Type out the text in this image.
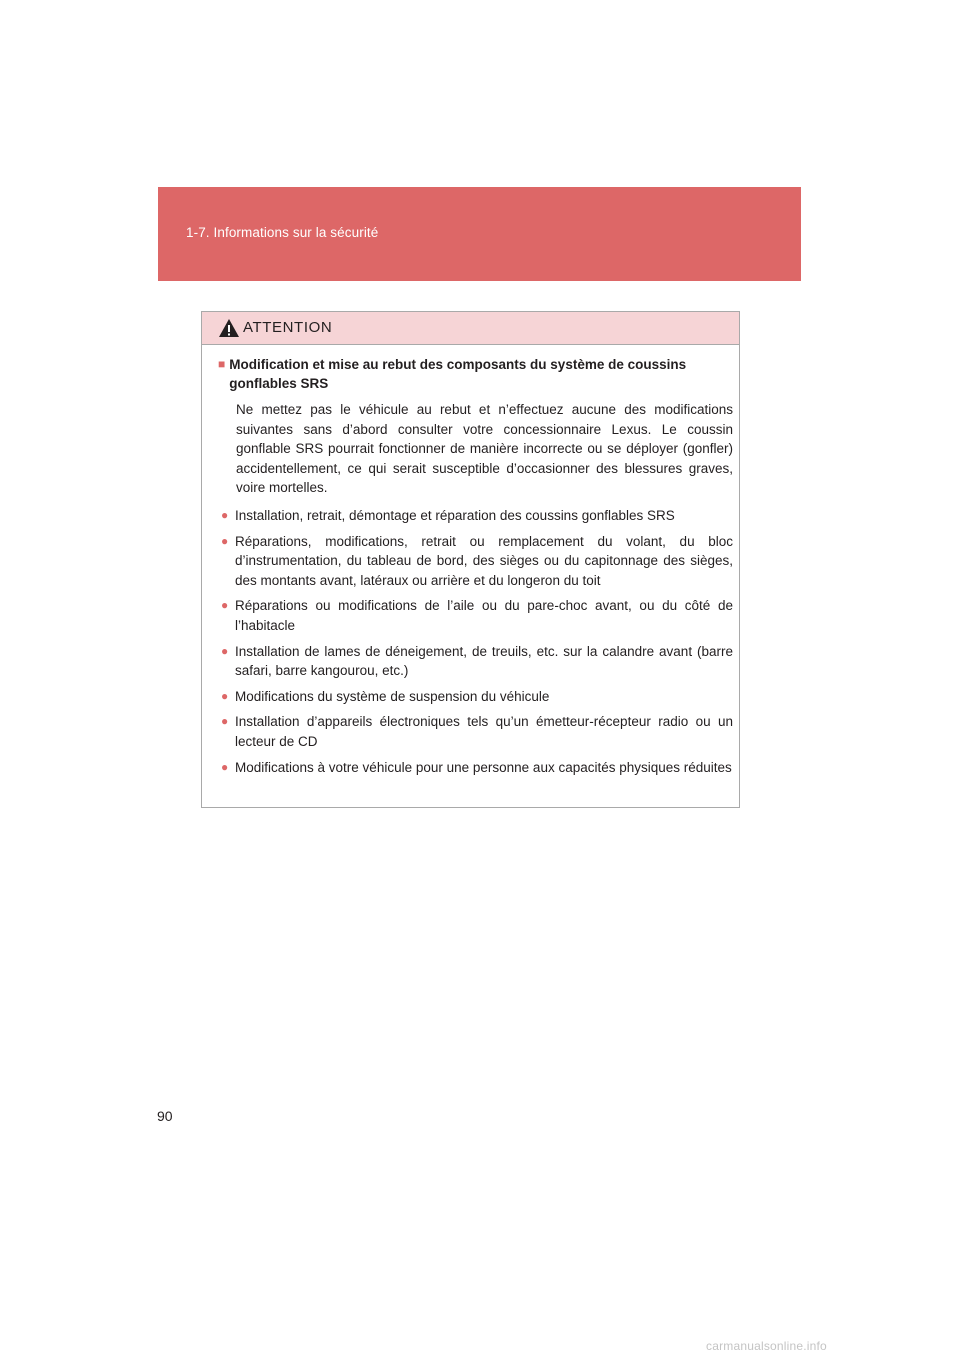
1-7. Informations sur la sécurité
ATTENTION
■ Modification et mise au rebut des composants du système de coussins gonflables SRS

Ne mettez pas le véhicule au rebut et n’effectuez aucune des modifications suivantes sans d’abord consulter votre concessionnaire Lexus. Le coussin gonflable SRS pourrait fonctionner de manière incorrecte ou se déployer (gonfler) accidentellement, ce qui serait susceptible d’occasionner des blessures graves, voire mortelles.

● Installation, retrait, démontage et réparation des coussins gonflables SRS
● Réparations, modifications, retrait ou remplacement du volant, du bloc d’instrumentation, du tableau de bord, des sièges ou du capitonnage des sièges, des montants avant, latéraux ou arrière et du longeron du toit
● Réparations ou modifications de l’aile ou du pare-choc avant, ou du côté de l’habitacle
● Installation de lames de déneigement, de treuils, etc. sur la calandre avant (barre safari, barre kangourou, etc.)
● Modifications du système de suspension du véhicule
● Installation d’appareils électroniques tels qu’un émetteur-récepteur radio ou un lecteur de CD
● Modifications à votre véhicule pour une personne aux capacités physiques réduites
90
carmanualsonline.info
